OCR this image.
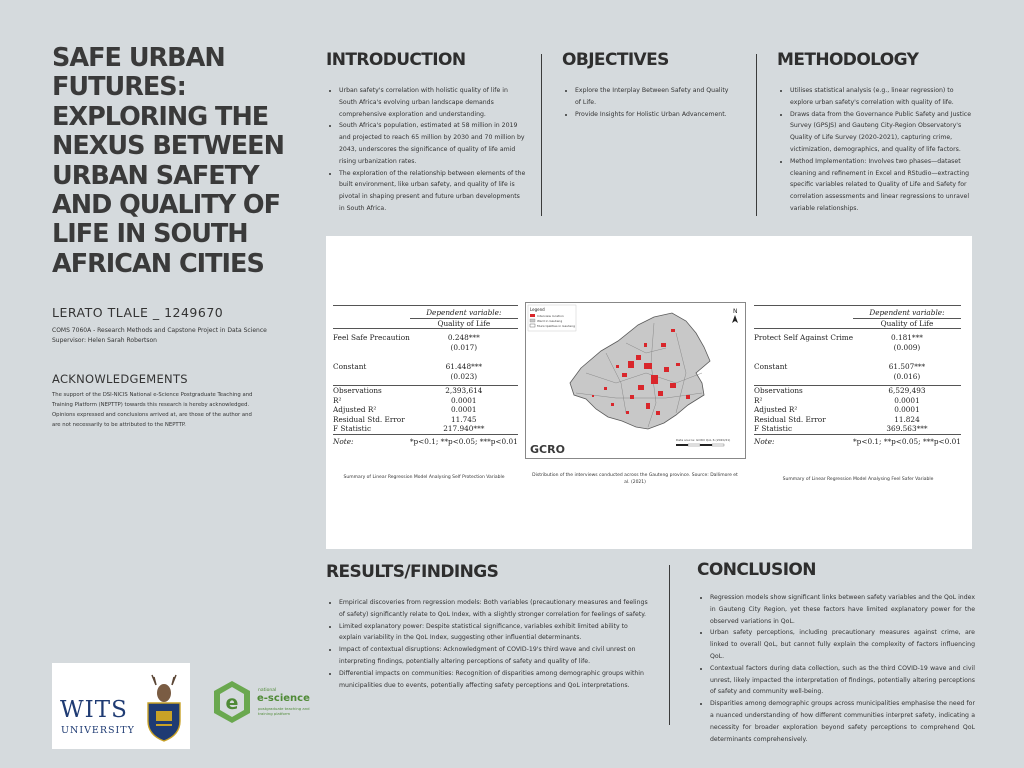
SAFE URBAN FUTURES: EXPLORING THE NEXUS BETWEEN URBAN SAFETY AND QUALITY OF LIFE IN SOUTH AFRICAN CITIES
LERATO TLALE _ 1249670
COMS 7060A - Research Methods and Capstone Project in Data Science
Supervisor: Helen Sarah Robertson
ACKNOWLEDGEMENTS
The support of the DSI-NICIS National e-Science Postgraduate Teaching and Training Platform (NEPTTP) towards this research is hereby acknowledged. Opinions expressed and conclusions arrived at, are those of the author and are not necessarily to be attributed to the NEPTTP.
INTRODUCTION
• Urban safety's correlation with holistic quality of life in South Africa's evolving urban landscape demands comprehensive exploration and understanding.
• South Africa's population, estimated at 58 million in 2019 and projected to reach 65 million by 2030 and 70 million by 2043, underscores the significance of quality of life amid rising urbanization rates.
• The exploration of the relationship between elements of the built environment, like urban safety, and quality of life is pivotal in shaping present and future urban developments in South Africa.
OBJECTIVES
• Explore the Interplay Between Safety and Quality of Life.
• Provide Insights for Holistic Urban Advancement.
METHODOLOGY
• Utilises statistical analysis (e.g., linear regression) to explore urban safety's correlation with quality of life.
• Draws data from the Governance Public Safety and Justice Survey (GPSJS) and Gauteng City-Region Observatory's Quality of Life Survey (2020-2021), capturing crime, victimization, demographics, and quality of life factors.
• Method Implementation: Involves two phases—dataset cleaning and refinement in Excel and RStudio—extracting specific variables related to Quality of Life and Safety for correlation assessments and linear regressions to unravel variable relationships.

	Dependent variable:
	Quality of Life

Feel Safe Precaution	0.248***
	(0.017)

Constant	61.448***
	(0.023)

Observations	2,393,614
R²	0.0001
Adjusted R²	0.0001
Residual Std. Error	11.745
F Statistic	217.940***
Note:	*p<0.1; **p<0.05; ***p<0.01
Summary of Linear Regression Model Analysing Self Protection Variable
Legend
Interview location
Ward in Gauteng
Municipalities in Gauteng
N
GCRO
Data source: GCRO QoL 6 (2020/21)
Distribution of the interviews conducted across the Gauteng province. Source: Dallimore et al. (2021)

	Dependent variable:
	Quality of Life

Protect Self Against Crime	0.181***
	(0.009)

Constant	61.507***
	(0.016)

Observations	6,529,493
R²	0.0001
Adjusted R²	0.0001
Residual Std. Error	11.824
F Statistic	369.563***
Note:	*p<0.1; **p<0.05; ***p<0.01
Summary of Linear Regression Model Analysing Feel Safer Variable
RESULTS/FINDINGS
• Empirical discoveries from regression models: Both variables (precautionary measures and feelings of safety) significantly relate to QoL Index, with a slightly stronger correlation for feelings of safety.
• Limited explanatory power: Despite statistical significance, variables exhibit limited ability to explain variability in the QoL Index, suggesting other influential determinants.
• Impact of contextual disruptions: Acknowledgment of COVID-19's third wave and civil unrest on interpreting findings, potentially altering perceptions of safety and quality of life.
• Differential impacts on communities: Recognition of disparities among demographic groups within municipalities due to events, potentially affecting safety perceptions and QoL interpretations.
CONCLUSION
• Regression models show significant links between safety variables and the QoL index in Gauteng City Region, yet these factors have limited explanatory power for the observed variations in QoL.
• Urban safety perceptions, including precautionary measures against crime, are linked to overall QoL, but cannot fully explain the complexity of factors influencing QoL.
• Contextual factors during data collection, such as the third COVID-19 wave and civil unrest, likely impacted the interpretation of findings, potentially altering perceptions of safety and community well-being.
• Disparities among demographic groups across municipalities emphasise the need for a nuanced understanding of how different communities interpret safety, indicating a necessity for broader exploration beyond safety perceptions to comprehend QoL determinants comprehensively.
WITS
UNIVERSITY
e
national
e-science
postgraduate teaching and training platform
